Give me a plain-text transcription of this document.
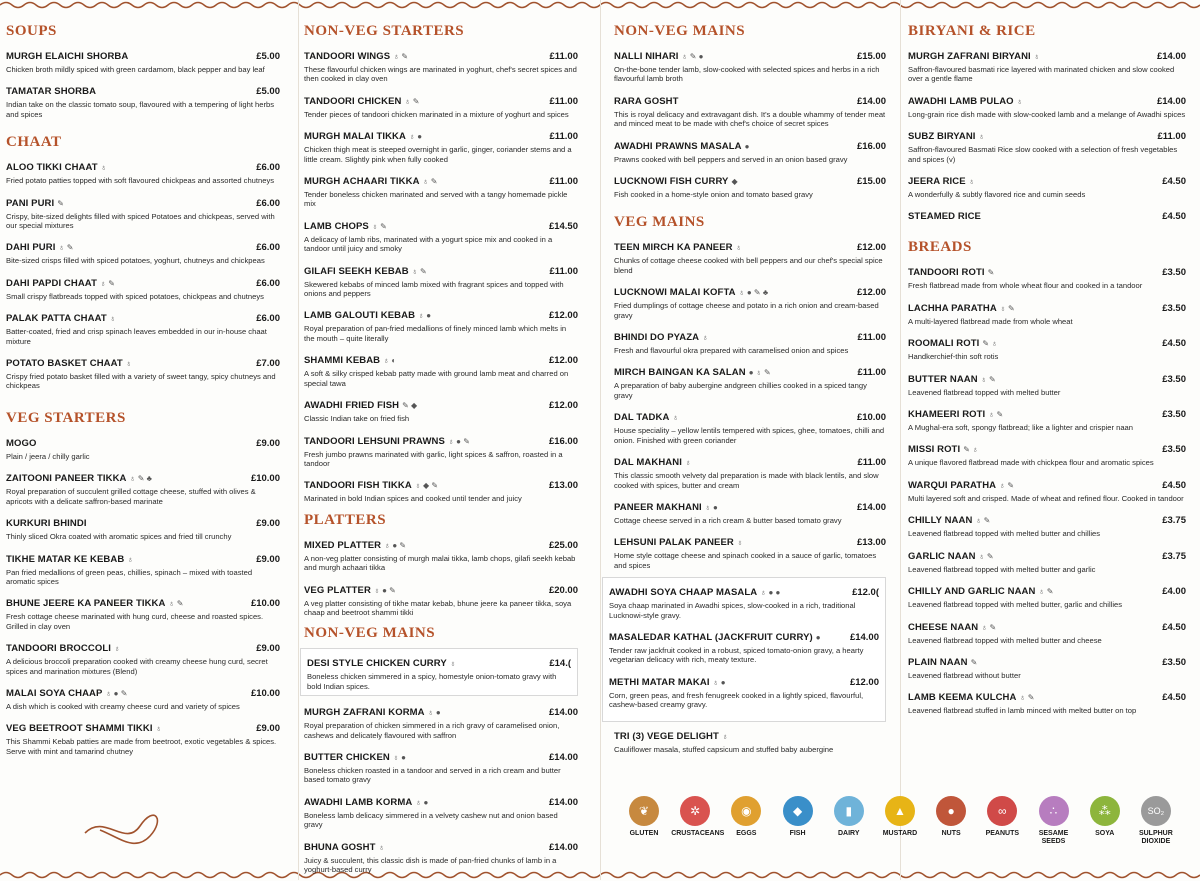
SOUPS
MURGH ELAICHI SHORBA	£5.00
Chicken broth mildly spiced with green cardamom, black pepper and bay leaf
TAMATAR SHORBA	£5.00
Indian take on the classic tomato soup, flavoured with a tempering of light herbs and spices
CHAAT
ALOO TIKKI CHAAT ♁	£6.00
Fried potato patties topped with soft flavoured chickpeas and assorted chutneys
PANI PURI ✎	£6.00
Crispy, bite-sized delights filled with spiced Potatoes and chickpeas, served with our special mixtures
DAHI PURI ♁ ✎	£6.00
Bite-sized crisps filled with spiced potatoes, yoghurt, chutneys and chickpeas
DAHI PAPDI CHAAT ♁ ✎	£6.00
Small crispy flatbreads topped with spiced potatoes, chickpeas and chutneys
PALAK PATTA CHAAT ♁	£6.00
Batter-coated, fried and crisp spinach leaves embedded in our in-house chaat mixture
POTATO BASKET CHAAT ♁	£7.00
Crispy fried potato basket filled with a variety of sweet tangy, spicy chutneys and chickpeas
VEG STARTERS
MOGO	£9.00
Plain / jeera / chilly garlic
ZAITOONI PANEER TIKKA ♁ ✎ ♣	£10.00
Royal preparation of succulent grilled cottage cheese, stuffed with olives & apricots with a delicate saffron-based marinate
KURKURI BHINDI	£9.00
Thinly sliced Okra coated with aromatic spices and fried till crunchy
TIKHE MATAR KE KEBAB ♁	£9.00
Pan fried medallions of green peas, chillies, spinach – mixed with toasted aromatic spices
BHUNE JEERE KA PANEER TIKKA ♁ ✎	£10.00
Fresh cottage cheese marinated with hung curd, cheese and roasted spices. Grilled in clay oven
TANDOORI BROCCOLI ♁	£9.00
A delicious broccoli preparation cooked with creamy cheese hung curd, secret spices and marination mixtures (Blend)
MALAI SOYA CHAAP ♁ ● ✎	£10.00
A dish which is cooked with creamy cheese curd and variety of spices
VEG BEETROOT SHAMMI TIKKI ♁	£9.00
This Shammi Kebab patties are made from beetroot, exotic vegetables & spices. Serve with mint and tamarind chutney
NON-VEG STARTERS
TANDOORI WINGS ♁ ✎	£11.00
These flavourful chicken wings are marinated in yoghurt, chef's secret spices and then cooked in clay oven
TANDOORI CHICKEN ♁ ✎	£11.00
Tender pieces of tandoori chicken marinated in a mixture of yoghurt and spices
MURGH MALAI TIKKA ♁ ●	£11.00
Chicken thigh meat is steeped overnight in garlic, ginger, coriander stems and a little cream. Slightly pink when fully cooked
MURGH ACHAARI TIKKA ♁ ✎	£11.00
Tender boneless chicken marinated and served with a tangy homemade pickle mix
LAMB CHOPS ♁ ✎	£14.50
A delicacy of lamb ribs, marinated with a yogurt spice mix and cooked in a tandoor until juicy and smoky
GILAFI SEEKH KEBAB ♁ ✎	£11.00
Skewered kebabs of minced lamb mixed with fragrant spices and topped with onions and peppers
LAMB GALOUTI KEBAB ♁ ●	£12.00
Royal preparation of pan-fried medallions of finely minced lamb which melts in the mouth – quite literally
SHAMMI KEBAB ♁ ◐	£12.00
A soft & silky crisped kebab patty made with ground lamb meat and charred on special tawa
AWADHI FRIED FISH ✎ ◆	£12.00
Classic Indian take on fried fish
TANDOORI LEHSUNI PRAWNS ♁ ● ✎	£16.00
Fresh jumbo prawns marinated with garlic, light spices & saffron, roasted in a tandoor
TANDOORI FISH TIKKA ♁ ◆ ✎	£13.00
Marinated in bold Indian spices and cooked until tender and juicy
PLATTERS
MIXED PLATTER ♁ ● ✎	£25.00
A non-veg platter consisting of murgh malai tikka, lamb chops, gilafi seekh kebab and murgh achaari tikka
VEG PLATTER ♁ ● ✎	£20.00
A veg platter consisting of tikhe matar kebab, bhune jeere ka paneer tikka, soya chaap and beetroot shammi tikki
NON-VEG MAINS
DESI STYLE CHICKEN CURRY ♁	£14.(
Boneless chicken simmered in a spicy, homestyle onion-tomato gravy with bold Indian spices.
MURGH ZAFRANI KORMA ♁ ●	£14.00
Royal preparation of chicken simmered in a rich gravy of caramelised onion, cashews and delicately flavoured with saffron
BUTTER CHICKEN ♁ ●	£14.00
Boneless chicken roasted in a tandoor and served in a rich cream and butter based tomato gravy
AWADHI LAMB KORMA ♁ ●	£14.00
Boneless lamb delicacy simmered in a velvety cashew nut and onion based gravy
BHUNA GOSHT ♁	£14.00
Juicy & succulent, this classic dish is made of pan-fried chunks of lamb in a yoghurt-based curry
NON-VEG MAINS
NALLI NIHARI ♁ ✎ ●	£15.00
On-the-bone tender lamb, slow-cooked with selected spices and herbs in a rich flavourful lamb broth
RARA GOSHT	£14.00
This is royal delicacy and extravagant dish. It's a double whammy of tender meat and minced meat to be made with chef's choice of secret spices
AWADHI PRAWNS MASALA ●	£16.00
Prawns cooked with bell peppers and served in an onion based gravy
LUCKNOWI FISH CURRY ◆	£15.00
Fish cooked in a home-style onion and tomato based gravy
VEG MAINS
TEEN MIRCH KA PANEER ♁	£12.00
Chunks of cottage cheese cooked with bell peppers and our chef's special spice blend
LUCKNOWI MALAI KOFTA ♁ ● ✎ ♣	£12.00
Fried dumplings of cottage cheese and potato in a rich onion and cream-based gravy
BHINDI DO PYAZA ♁	£11.00
Fresh and flavourful okra prepared with caramelised onion and spices
MIRCH BAINGAN KA SALAN ● ♁ ✎	£11.00
A preparation of baby aubergine andgreen chillies cooked in a spiced tangy gravy
DAL TADKA ♁	£10.00
House speciality – yellow lentils tempered with spices, ghee, tomatoes, chilli and onion. Finished with green coriander
DAL MAKHANI ♁	£11.00
This classic smooth velvety dal preparation is made with black lentils, and slow cooked with spices, butter and cream
PANEER MAKHANI ♁ ●	£14.00
Cottage cheese served in a rich cream & butter based tomato gravy
LEHSUNI PALAK PANEER ♁	£13.00
Home style cottage cheese and spinach cooked in a sauce of garlic, tomatoes and spices
AWADHI SOYA CHAAP MASALA ♁ ● ●	£12.0(
Soya chaap marinated in Awadhi spices, slow-cooked in a rich, traditional Lucknowi-style gravy.
MASALEDAR KATHAL (JACKFRUIT CURRY) ●	£14.00
Tender raw jackfruit cooked in a robust, spiced tomato-onion gravy, a hearty vegetarian delicacy with rich, meaty texture.
METHI MATAR MAKAI ♁ ●	£12.00
Corn, green peas, and fresh fenugreek cooked in a lightly spiced, flavourful, cashew-based creamy gravy.
TRI (3) VEGE DELIGHT ♁
Cauliflower masala, stuffed capsicum and stuffed baby aubergine
BIRYANI & RICE
MURGH ZAFRANI BIRYANI ♁	£14.00
Saffron-flavoured basmati rice layered with marinated chicken and slow cooked over a gentle flame
AWADHI LAMB PULAO ♁	£14.00
Long-grain rice dish made with slow-cooked lamb and a melange of Awadhi spices
SUBZ BIRYANI ♁	£11.00
Saffron-flavoured Basmati Rice slow cooked with a selection of fresh vegetables and spices (v)
JEERA RICE ♁	£4.50
A wonderfully & subtly flavored rice and cumin seeds
STEAMED RICE	£4.50
BREADS
TANDOORI ROTI ✎	£3.50
Fresh flatbread made from whole wheat flour and cooked in a tandoor
LACHHA PARATHA ♁ ✎	£3.50
A multi-layered flatbread made from whole wheat
ROOMALI ROTI ✎ ♁	£4.50
Handkerchief-thin soft rotis
BUTTER NAAN ♁ ✎	£3.50
Leavened flatbread topped with melted butter
KHAMEERI ROTI ♁ ✎	£3.50
A Mughal-era soft, spongy flatbread; like a lighter and crispier naan
MISSI ROTI ✎ ♁	£3.50
A unique flavored flatbread made with chickpea flour and aromatic spices
WARQUI PARATHA ♁ ✎	£4.50
Multi layered soft and crisped. Made of wheat and refined flour. Cooked in tandoor
CHILLY NAAN ♁ ✎	£3.75
Leavened flatbread topped with melted butter and chillies
GARLIC NAAN ♁ ✎	£3.75
Leavened flatbread topped with melted butter and garlic
CHILLY AND GARLIC NAAN ♁ ✎	£4.00
Leavened flatbread topped with melted butter, garlic and chillies
CHEESE NAAN ♁ ✎	£4.50
Leavened flatbread topped with melted butter and cheese
PLAIN NAAN ✎	£3.50
Leavened flatbread without butter
LAMB KEEMA KULCHA ♁ ✎	£4.50
Leavened flatbread stuffed in lamb minced with melted butter on top
❦
GLUTEN
✲
CRUSTACEANS
◉
EGGS
◆
FISH
▮
DAIRY
▲
MUSTARD
●
NUTS
∞
PEANUTS
∴
SESAME SEEDS
⁂
SOYA
SO₂
SULPHUR DIOXIDE
